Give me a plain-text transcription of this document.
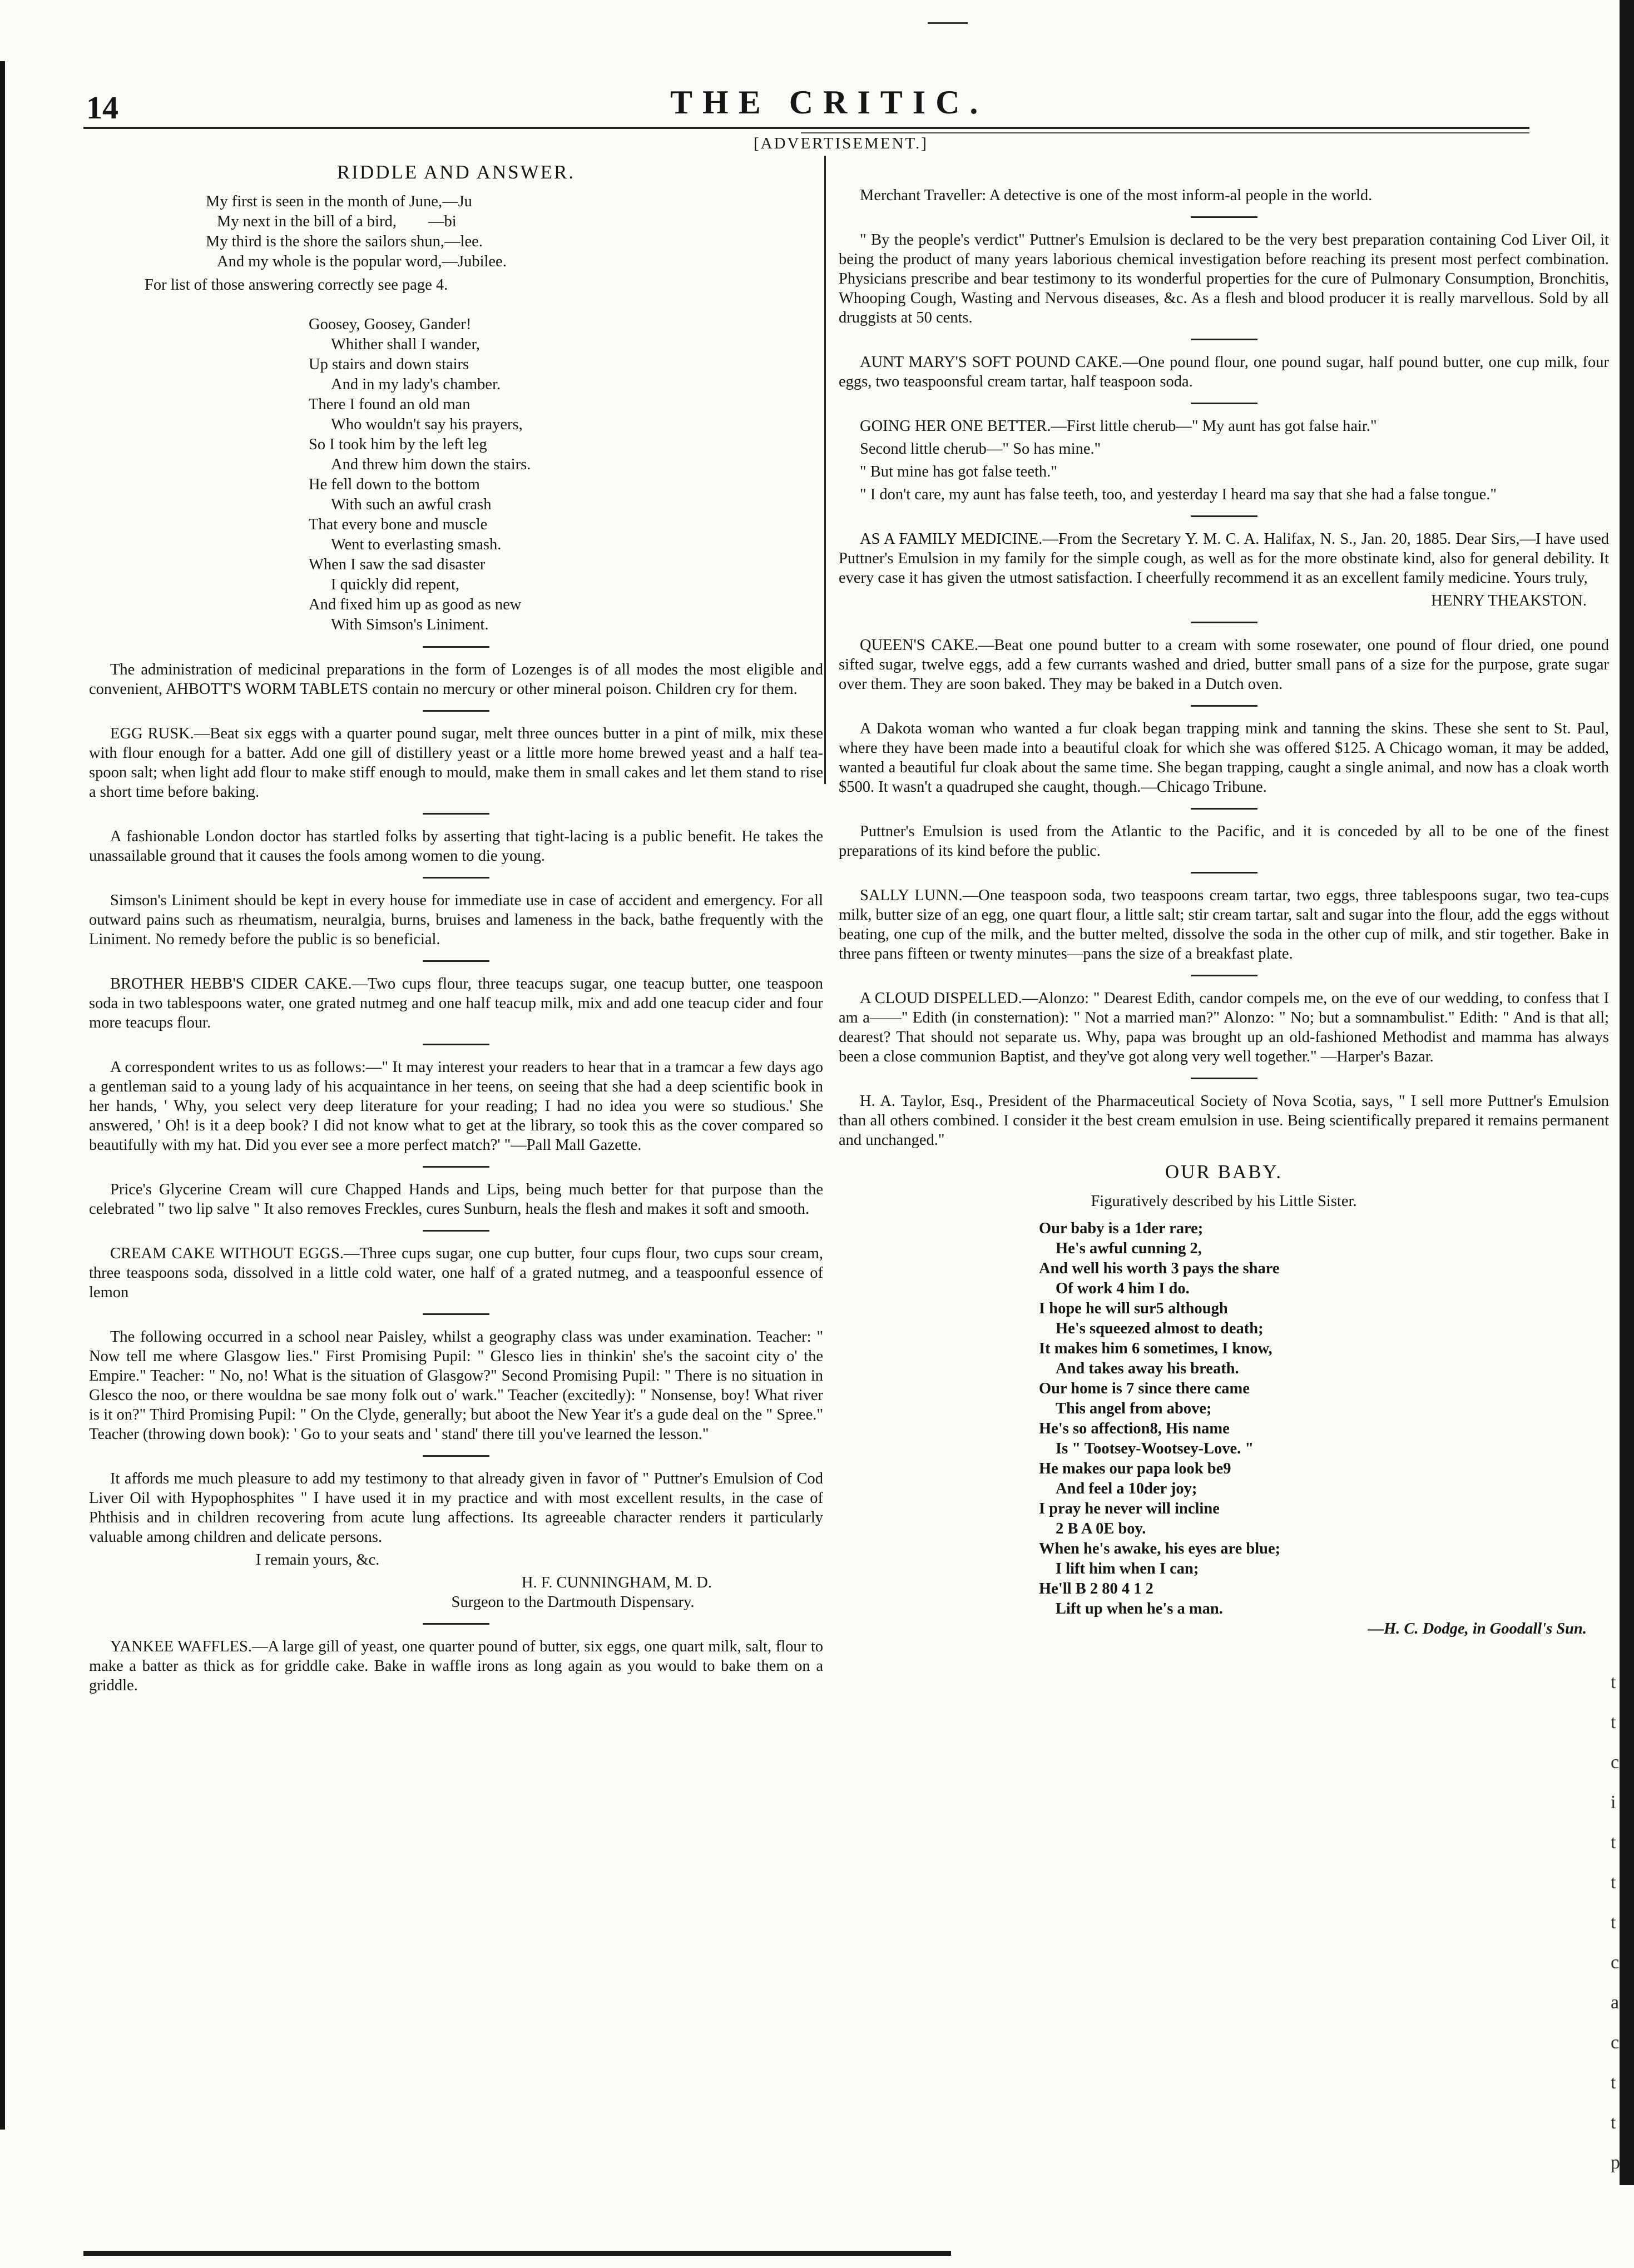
14	THE CRITIC.
[ADVERTISEMENT.]
RIDDLE AND ANSWER.
My first is seen in the month of June,—Ju
My next in the bill of a bird,        —bi
My third is the shore the sailors shun,—lee.
And my whole is the popular word,—Jubilee.
For list of those answering correctly see page 4.
Goosey, Goosey, Gander!
Whither shall I wander,
Up stairs and down stairs
And in my lady's chamber.
There I found an old man
Who wouldn't say his prayers,
So I took him by the left leg
And threw him down the stairs.
He fell down to the bottom
With such an awful crash
That every bone and muscle
Went to everlasting smash.
When I saw the sad disaster
I quickly did repent,
And fixed him up as good as new
With Simson's Liniment.

The administration of medicinal preparations in the form of Lozenges is of all modes the most eligible and convenient, AHBOTT'S WORM TABLETS contain no mercury or other mineral poison. Children cry for them.

EGG RUSK.—Beat six eggs with a quarter pound sugar, melt three ounces butter in a pint of milk, mix these with flour enough for a batter. Add one gill of distillery yeast or a little more home brewed yeast and a half tea-spoon salt; when light add flour to make stiff enough to mould, make them in small cakes and let them stand to rise a short time before baking.

A fashionable London doctor has startled folks by asserting that tight-lacing is a public benefit. He takes the unassailable ground that it causes the fools among women to die young.

Simson's Liniment should be kept in every house for immediate use in case of accident and emergency. For all outward pains such as rheumatism, neuralgia, burns, bruises and lameness in the back, bathe frequently with the Liniment. No remedy before the public is so beneficial.

BROTHER HEBB'S CIDER CAKE.—Two cups flour, three teacups sugar, one teacup butter, one teaspoon soda in two tablespoons water, one grated nutmeg and one half teacup milk, mix and add one teacup cider and four more teacups flour.

A correspondent writes to us as follows:—" It may interest your readers to hear that in a tramcar a few days ago a gentleman said to a young lady of his acquaintance in her teens, on seeing that she had a deep scientific book in her hands, ' Why, you select very deep literature for your reading; I had no idea you were so studious.' She answered, ' Oh! is it a deep book? I did not know what to get at the library, so took this as the cover compared so beautifully with my hat. Did you ever see a more perfect match?' "—Pall Mall Gazette.

Price's Glycerine Cream will cure Chapped Hands and Lips, being much better for that purpose than the celebrated " two lip salve " It also removes Freckles, cures Sunburn, heals the flesh and makes it soft and smooth.

CREAM CAKE WITHOUT EGGS.—Three cups sugar, one cup butter, four cups flour, two cups sour cream, three teaspoons soda, dissolved in a little cold water, one half of a grated nutmeg, and a teaspoonful essence of lemon

The following occurred in a school near Paisley, whilst a geography class was under examination. Teacher: " Now tell me where Glasgow lies." First Promising Pupil: " Glesco lies in thinkin' she's the sacoint city o' the Empire." Teacher: " No, no! What is the situation of Glasgow?" Second Promising Pupil: " There is no situation in Glesco the noo, or there wouldna be sae mony folk out o' wark." Teacher (excitedly): " Nonsense, boy! What river is it on?" Third Promising Pupil: " On the Clyde, generally; but aboot the New Year it's a gude deal on the " Spree." Teacher (throwing down book): ' Go to your seats and ' stand' there till you've learned the lesson."

It affords me much pleasure to add my testimony to that already given in favor of " Puttner's Emulsion of Cod Liver Oil with Hypophosphites " I have used it in my practice and with most excellent results, in the case of Phthisis and in children recovering from acute lung affections. Its agreeable character renders it particularly valuable among children and delicate persons.

I remain yours, &c.

H. F. CUNNINGHAM, M. D.
Surgeon to the Dartmouth Dispensary.

YANKEE WAFFLES.—A large gill of yeast, one quarter pound of butter, six eggs, one quart milk, salt, flour to make a batter as thick as for griddle cake. Bake in waffle irons as long again as you would to bake them on a griddle.

Merchant Traveller: A detective is one of the most inform-al people in the world.

" By the people's verdict" Puttner's Emulsion is declared to be the very best preparation containing Cod Liver Oil, it being the product of many years laborious chemical investigation before reaching its present most perfect combination. Physicians prescribe and bear testimony to its wonderful properties for the cure of Pulmonary Consumption, Bronchitis, Whooping Cough, Wasting and Nervous diseases, &c. As a flesh and blood producer it is really marvellous. Sold by all druggists at 50 cents.

AUNT MARY'S SOFT POUND CAKE.—One pound flour, one pound sugar, half pound butter, one cup milk, four eggs, two teaspoonsful cream tartar, half teaspoon soda.

GOING HER ONE BETTER.—First little cherub—" My aunt has got false hair."

Second little cherub—" So has mine."

" But mine has got false teeth."

" I don't care, my aunt has false teeth, too, and yesterday I heard ma say that she had a false tongue."

AS A FAMILY MEDICINE.—From the Secretary Y. M. C. A. Halifax, N. S., Jan. 20, 1885. Dear Sirs,—I have used Puttner's Emulsion in my family for the simple cough, as well as for the more obstinate kind, also for general debility. It every case it has given the utmost satisfaction. I cheerfully recommend it as an excellent family medicine. Yours truly,

HENRY THEAKSTON.

QUEEN'S CAKE.—Beat one pound butter to a cream with some rosewater, one pound of flour dried, one pound sifted sugar, twelve eggs, add a few currants washed and dried, butter small pans of a size for the purpose, grate sugar over them. They are soon baked. They may be baked in a Dutch oven.

A Dakota woman who wanted a fur cloak began trapping mink and tanning the skins. These she sent to St. Paul, where they have been made into a beautiful cloak for which she was offered $125. A Chicago woman, it may be added, wanted a beautiful fur cloak about the same time. She began trapping, caught a single animal, and now has a cloak worth $500. It wasn't a quadruped she caught, though.—Chicago Tribune.

Puttner's Emulsion is used from the Atlantic to the Pacific, and it is conceded by all to be one of the finest preparations of its kind before the public.

SALLY LUNN.—One teaspoon soda, two teaspoons cream tartar, two eggs, three tablespoons sugar, two tea-cups milk, butter size of an egg, one quart flour, a little salt; stir cream tartar, salt and sugar into the flour, add the eggs without beating, one cup of the milk, and the butter melted, dissolve the soda in the other cup of milk, and stir together. Bake in three pans fifteen or twenty minutes—pans the size of a breakfast plate.

A CLOUD DISPELLED.—Alonzo: " Dearest Edith, candor compels me, on the eve of our wedding, to confess that I am a——" Edith (in consternation): " Not a married man?" Alonzo: " No; but a somnambulist." Edith: " And is that all; dearest? That should not separate us. Why, papa was brought up an old-fashioned Methodist and mamma has always been a close communion Baptist, and they've got along very well together." —Harper's Bazar.

H. A. Taylor, Esq., President of the Pharmaceutical Society of Nova Scotia, says, " I sell more Puttner's Emulsion than all others combined. I consider it the best cream emulsion in use. Being scientifically prepared it remains permanent and unchanged."

OUR BABY.
Figuratively described by his Little Sister.
Our baby is a 1der rare;
He's awful cunning 2,
And well his worth 3 pays the share
Of work 4 him I do.
I hope he will sur5 although
He's squeezed almost to death;
It makes him 6 sometimes, I know,
And takes away his breath.
Our home is 7 since there came
This angel from above;
He's so affection8, His name
Is " Tootsey-Wootsey-Love. "
He makes our papa look be9
And feel a 10der joy;
I pray he never will incline
2 B A 0E boy.
When he's awake, his eyes are blue;
I lift him when I can;
He'll B 2 80 4 1 2
Lift up when he's a man.
—H. C. Dodge, in Goodall's Sun.
t
t
c
i
t
t
t
c
a
c
t
t
p
